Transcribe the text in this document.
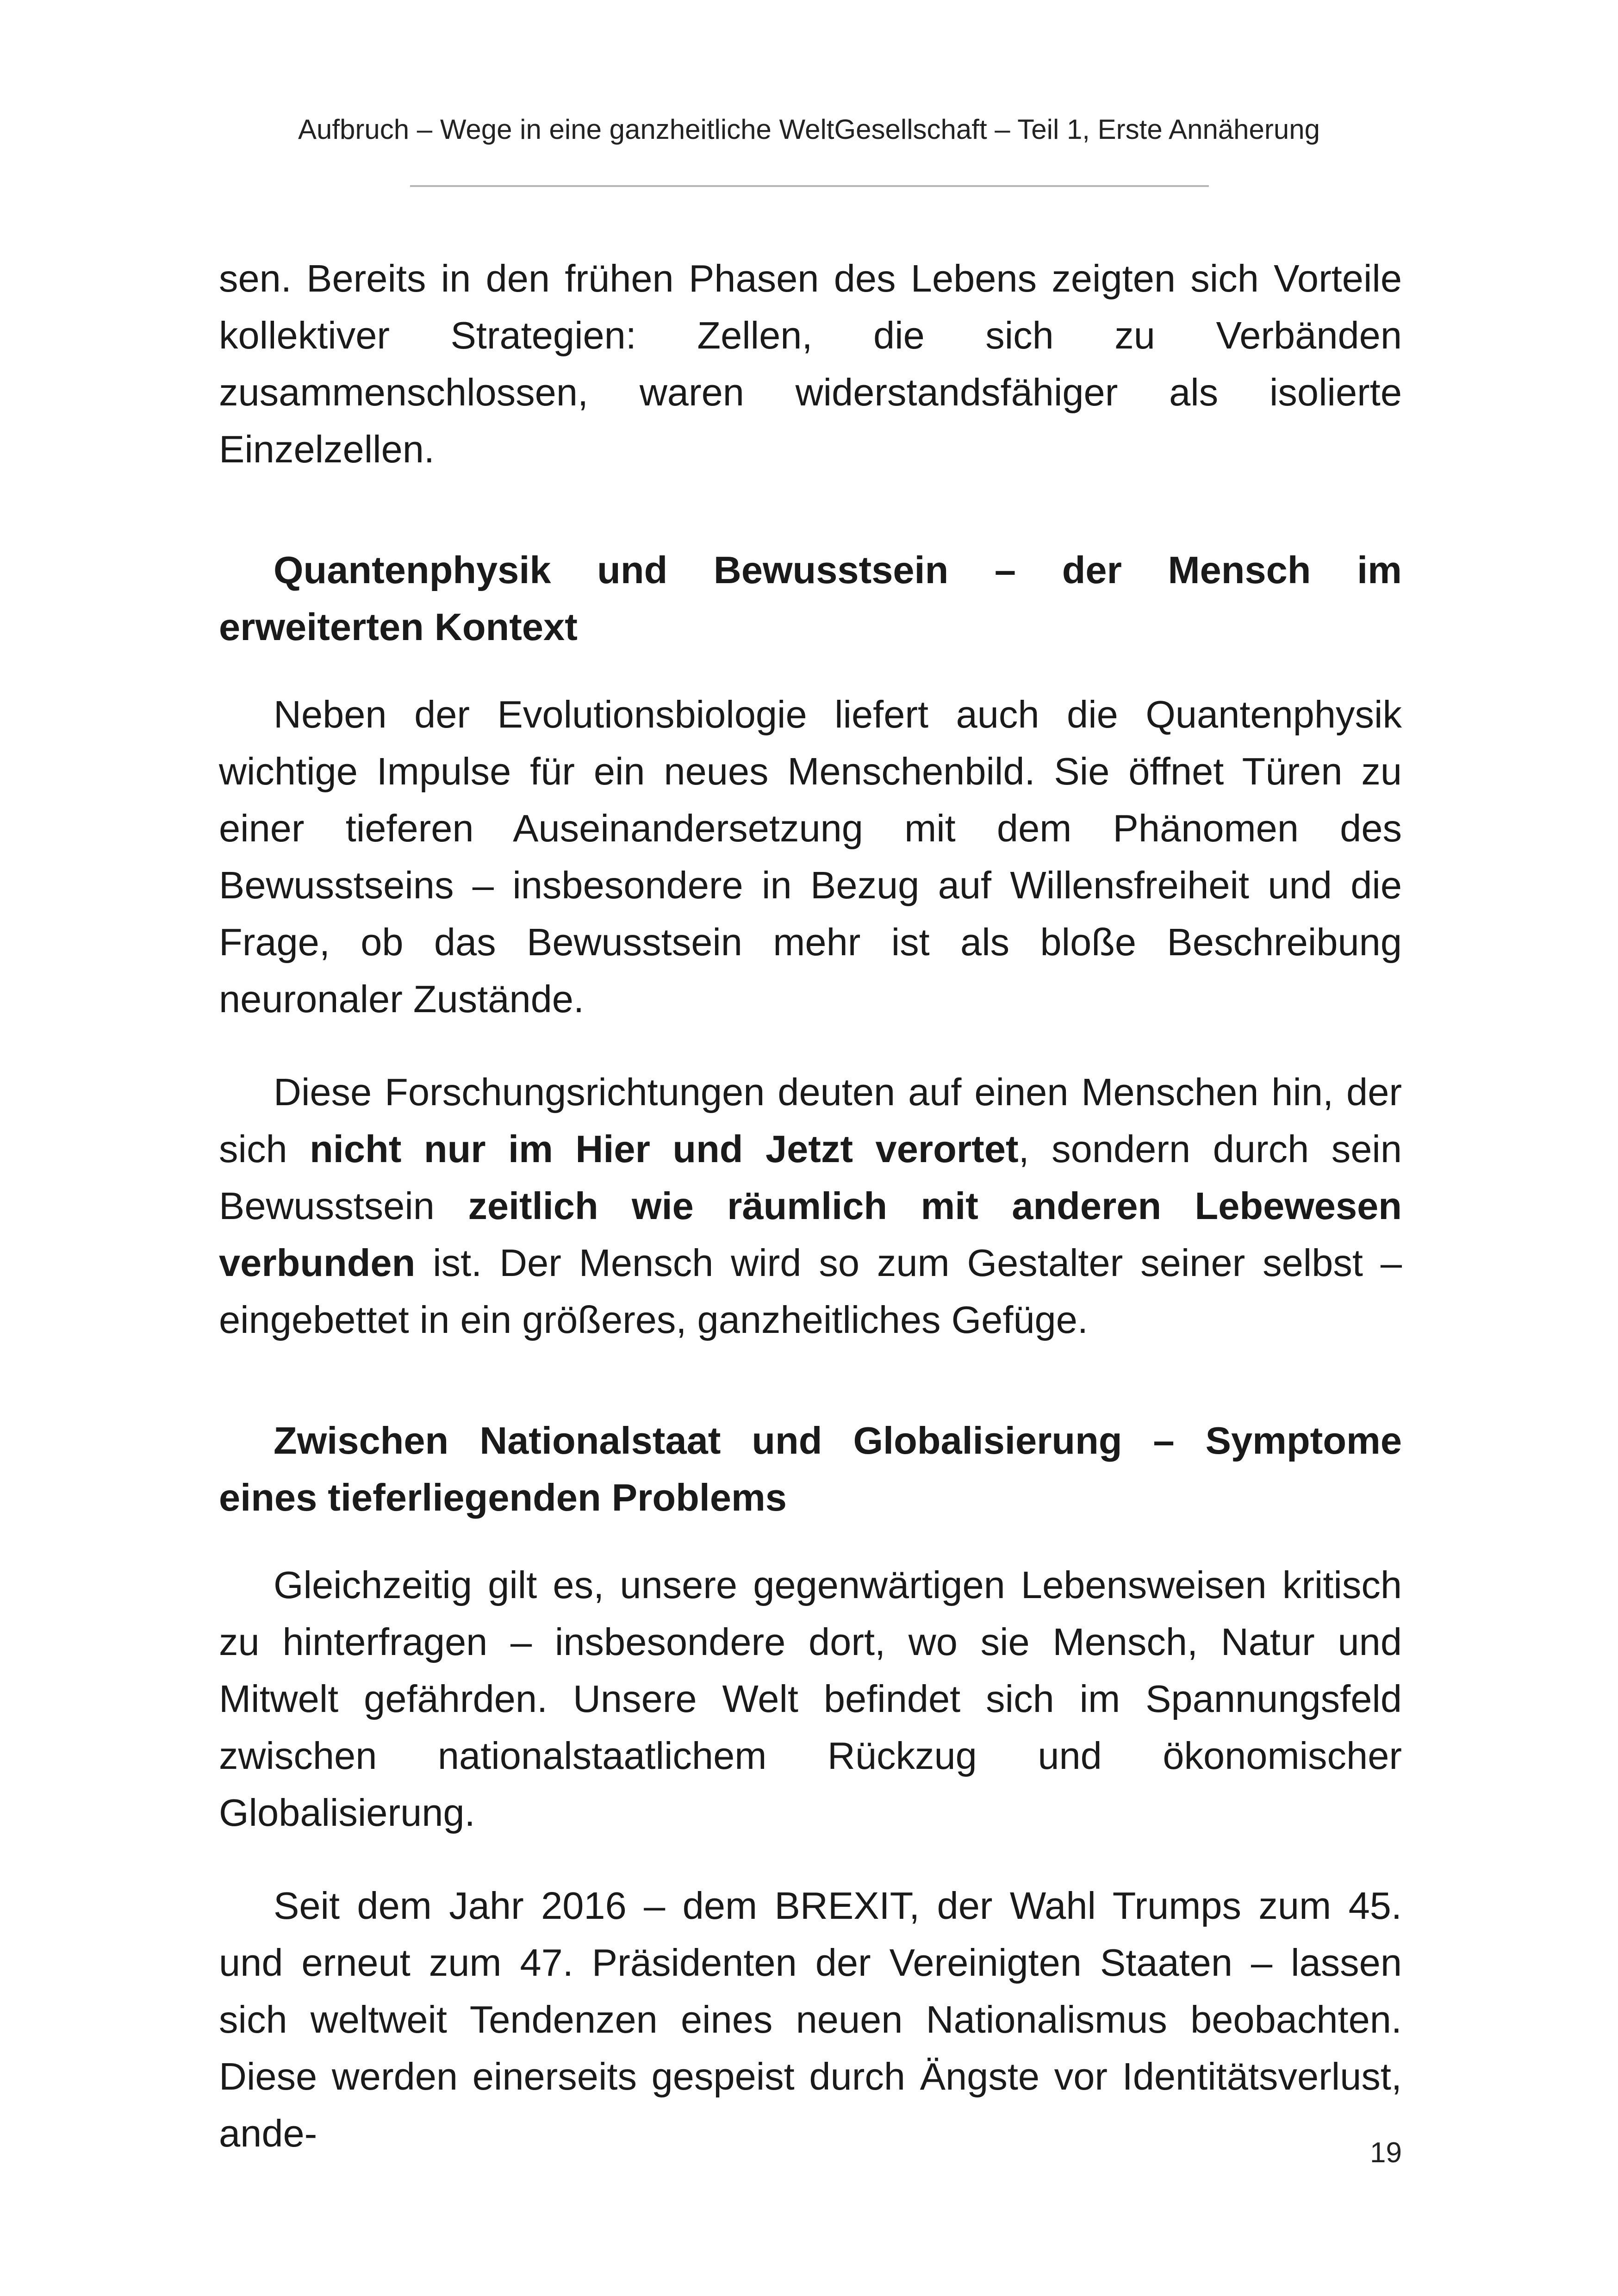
Aufbruch – Wege in eine ganzheitliche WeltGesellschaft – Teil 1, Erste Annäherung

sen. Bereits in den frühen Phasen des Lebens zeigten sich Vorteile kollektiver Strategien: Zellen, die sich zu Verbänden zusammenschlossen, waren widerstandsfähiger als isolierte Einzelzellen.

Quantenphysik und Bewusstsein – der Mensch im erweiterten Kontext

Neben der Evolutionsbiologie liefert auch die Quantenphysik wichtige Impulse für ein neues Menschenbild. Sie öffnet Türen zu einer tieferen Auseinandersetzung mit dem Phänomen des Bewusstseins – insbesondere in Bezug auf Willensfreiheit und die Frage, ob das Bewusstsein mehr ist als bloße Beschreibung neuronaler Zustände.

Diese Forschungsrichtungen deuten auf einen Menschen hin, der sich nicht nur im Hier und Jetzt verortet, sondern durch sein Bewusstsein zeitlich wie räumlich mit anderen Lebewesen verbunden ist. Der Mensch wird so zum Gestalter seiner selbst – eingebettet in ein größeres, ganzheitliches Gefüge.

Zwischen Nationalstaat und Globalisierung – Symptome eines tieferliegenden Problems

Gleichzeitig gilt es, unsere gegenwärtigen Lebensweisen kritisch zu hinterfragen – insbesondere dort, wo sie Mensch, Natur und Mitwelt gefährden. Unsere Welt befindet sich im Spannungsfeld zwischen nationalstaatlichem Rückzug und ökonomischer Globalisierung.

Seit dem Jahr 2016 – dem BREXIT, der Wahl Trumps zum 45. und erneut zum 47. Präsidenten der Vereinigten Staaten – lassen sich weltweit Tendenzen eines neuen Nationalismus beobachten. Diese werden einerseits gespeist durch Ängste vor Identitätsverlust, ande-	19
